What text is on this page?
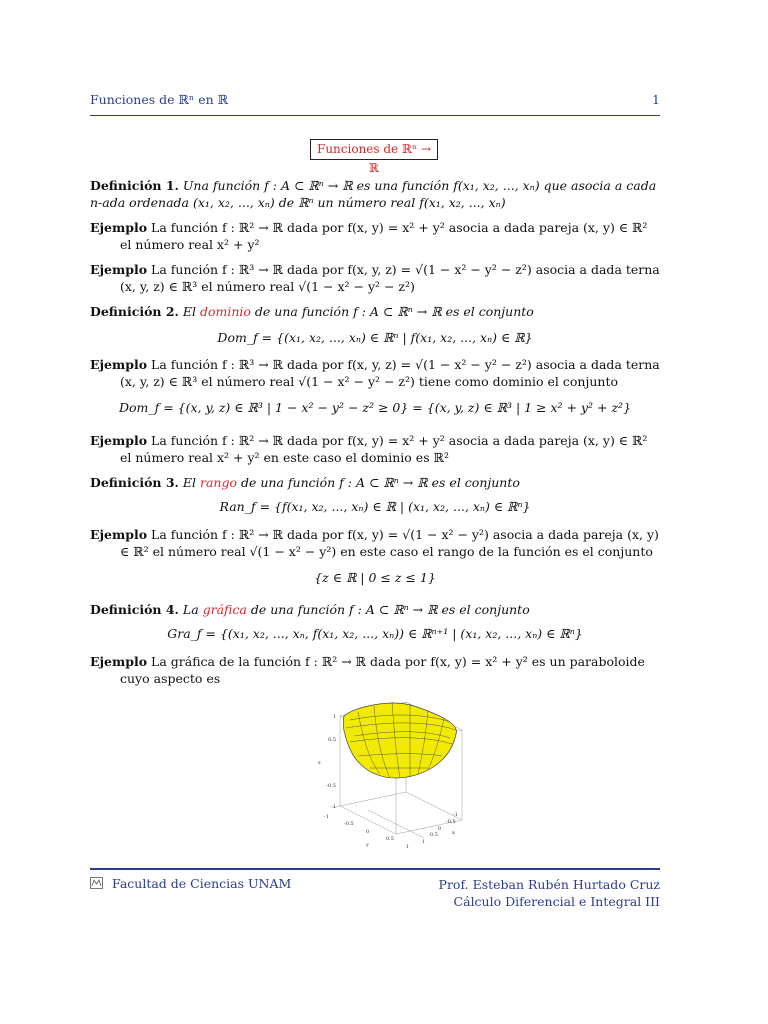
Funciones de ℝⁿ en ℝ	1
Funciones de ℝⁿ → ℝ
Definición 1. Una función f : A ⊂ ℝⁿ → ℝ es una función f(x₁, x₂, ..., xₙ) que asocia a cada n-ada ordenada (x₁, x₂, ..., xₙ) de ℝⁿ un número real f(x₁, x₂, ..., xₙ)
Ejemplo La función f : ℝ² → ℝ dada por f(x, y) = x² + y² asocia a dada pareja (x, y) ∈ ℝ² el número real x² + y²
Ejemplo La función f : ℝ³ → ℝ dada por f(x, y, z) = √(1 − x² − y² − z²) asocia a dada terna (x, y, z) ∈ ℝ³ el número real √(1 − x² − y² − z²)
Definición 2. El dominio de una función f : A ⊂ ℝⁿ → ℝ es el conjunto
Dom_f = {(x₁, x₂, ..., xₙ) ∈ ℝⁿ | f(x₁, x₂, ..., xₙ) ∈ ℝ}
Ejemplo La función f : ℝ³ → ℝ dada por f(x, y, z) = √(1 − x² − y² − z²) asocia a dada terna (x, y, z) ∈ ℝ³ el número real √(1 − x² − y² − z²) tiene como dominio el conjunto
Dom_f = {(x, y, z) ∈ ℝ³ | 1 − x² − y² − z² ≥ 0} = {(x, y, z) ∈ ℝ³ | 1 ≥ x² + y² + z²}
Ejemplo La función f : ℝ² → ℝ dada por f(x, y) = x² + y² asocia a dada pareja (x, y) ∈ ℝ² el número real x² + y² en este caso el dominio es ℝ²
Definición 3. El rango de una función f : A ⊂ ℝⁿ → ℝ es el conjunto
Ran_f = {f(x₁, x₂, ..., xₙ) ∈ ℝ | (x₁, x₂, ..., xₙ) ∈ ℝⁿ}
Ejemplo La función f : ℝ² → ℝ dada por f(x, y) = √(1 − x² − y²) asocia a dada pareja (x, y) ∈ ℝ² el número real √(1 − x² − y²) en este caso el rango de la función es el conjunto
{z ∈ ℝ | 0 ≤ z ≤ 1}
Definición 4. La gráfica de una función f : A ⊂ ℝⁿ → ℝ es el conjunto
Gra_f = {(x₁, x₂, ..., xₙ, f(x₁, x₂, ..., xₙ)) ∈ ℝⁿ⁺¹ | (x₁, x₂, ..., xₙ) ∈ ℝⁿ}
Ejemplo La gráfica de la función f : ℝ² → ℝ dada por f(x, y) = x² + y² es un paraboloide cuyo aspecto es
1
0.5
z
-0.5
-1
-1
-0.5
0
0.5
1
y
-1
-0.5
0
0.5
1
x
Facultad de Ciencias UNAM	Prof. Esteban Rubén Hurtado Cruz
Cálculo Diferencial e Integral III
